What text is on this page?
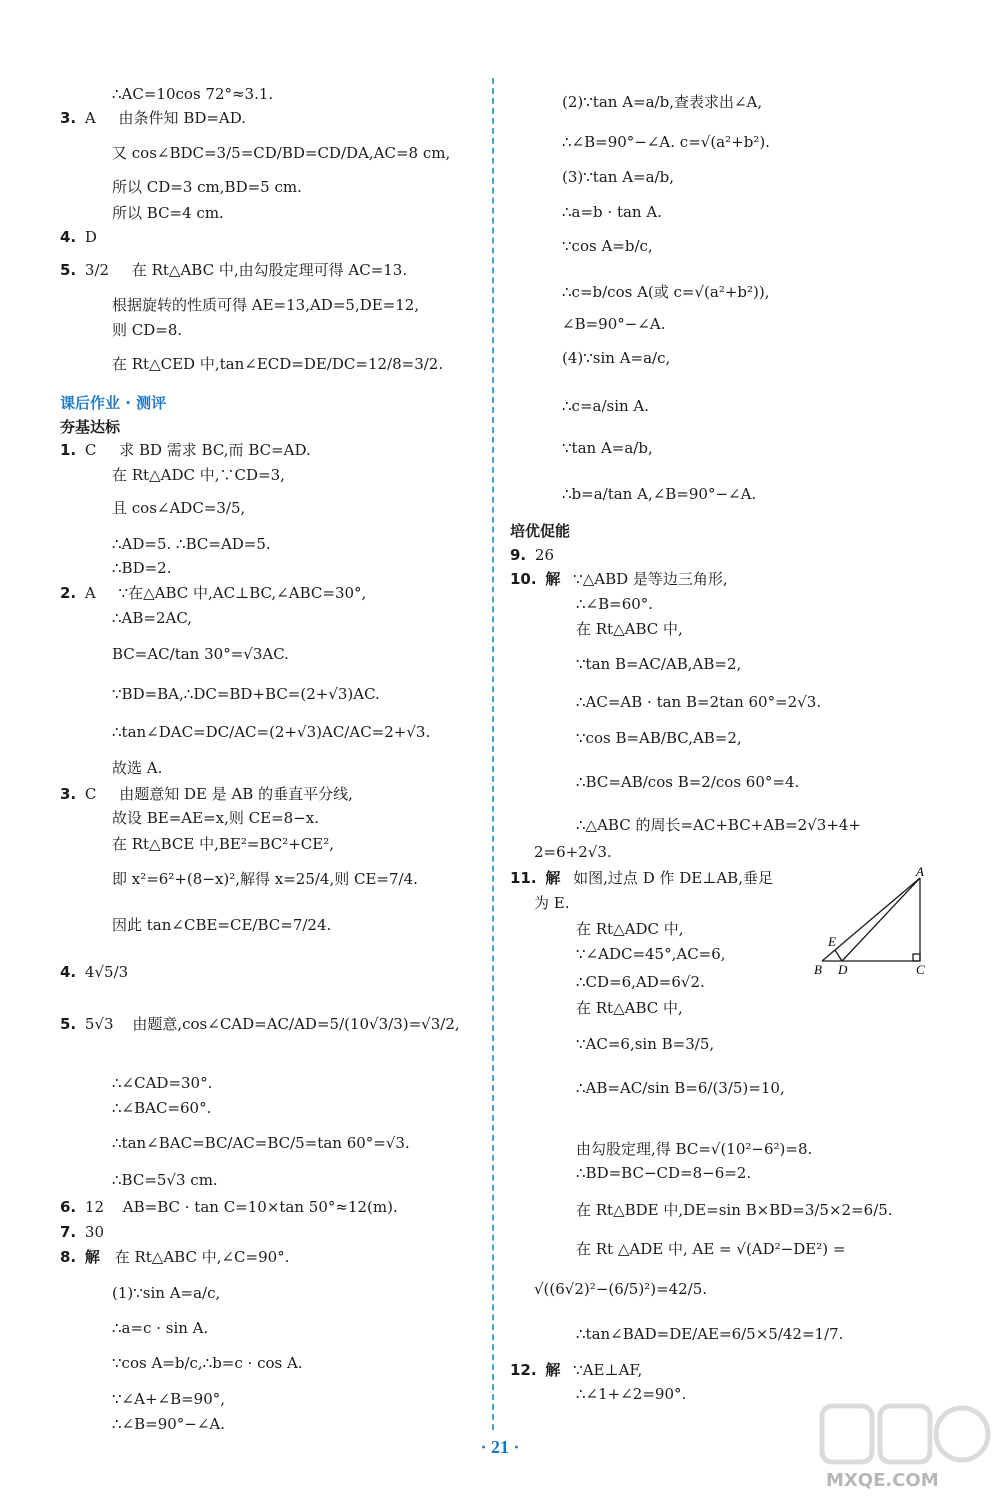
∴AC=10cos 72°≈3.1.
3. A 由条件知 BD=AD.
又 cos∠BDC=3/5=CD/BD=CD/DA,AC=8 cm,
所以 CD=3 cm,BD=5 cm.
所以 BC=4 cm.
4. D
5. 3/2 在 Rt△ABC 中,由勾股定理可得 AC=13.
根据旋转的性质可得 AE=13,AD=5,DE=12,
则 CD=8.
在 Rt△CED 中,tan∠ECD=DE/DC=12/8=3/2.
课后作业 · 测评
夯基达标
1. C 求 BD 需求 BC,而 BC=AD.
在 Rt△ADC 中,∵CD=3,
且 cos∠ADC=3/5,
∴AD=5. ∴BC=AD=5.
∴BD=2.
2. A ∵在△ABC 中,AC⊥BC,∠ABC=30°,
∴AB=2AC,
BC=AC/tan 30°=√3AC.
∵BD=BA,∴DC=BD+BC=(2+√3)AC.
∴tan∠DAC=DC/AC=(2+√3)AC/AC=2+√3.
故选 A.
3. C 由题意知 DE 是 AB 的垂直平分线,
故设 BE=AE=x,则 CE=8−x.
在 Rt△BCE 中,BE²=BC²+CE²,
即 x²=6²+(8−x)²,解得 x=25/4,则 CE=7/4.
因此 tan∠CBE=CE/BC=7/24.
4. 4√5/3
5. 5√3 由题意,cos∠CAD=AC/AD=5/(10√3/3)=√3/2,
∴∠CAD=30°.
∴∠BAC=60°.
∴tan∠BAC=BC/AC=BC/5=tan 60°=√3.
∴BC=5√3 cm.
6. 12 AB=BC · tan C=10×tan 50°≈12(m).
7. 30
8. 解 在 Rt△ABC 中,∠C=90°.
(1)∵sin A=a/c,
∴a=c · sin A.
∵cos A=b/c,∴b=c · cos A.
∵∠A+∠B=90°,
∴∠B=90°−∠A.
(2)∵tan A=a/b,查表求出∠A,
∴∠B=90°−∠A. c=√(a²+b²).
(3)∵tan A=a/b,
∴a=b · tan A.
∵cos A=b/c,
∴c=b/cos A(或 c=√(a²+b²)),
∠B=90°−∠A.
(4)∵sin A=a/c,
∴c=a/sin A.
∵tan A=a/b,
∴b=a/tan A,∠B=90°−∠A.
培优促能
9. 26
10. 解 ∵△ABD 是等边三角形,
∴∠B=60°.
在 Rt△ABC 中,
∵tan B=AC/AB,AB=2,
∴AC=AB · tan B=2tan 60°=2√3.
∵cos B=AB/BC,AB=2,
∴BC=AB/cos B=2/cos 60°=4.
∴△ABC 的周长=AC+BC+AB=2√3+4+
2=6+2√3.
11. 解 如图,过点 D 作 DE⊥AB,垂足
为 E.
在 Rt△ADC 中,
∵∠ADC=45°,AC=6,
∴CD=6,AD=6√2.
在 Rt△ABC 中,
∵AC=6,sin B=3/5,
∴AB=AC/sin B=6/(3/5)=10,
由勾股定理,得 BC=√(10²−6²)=8.
∴BD=BC−CD=8−6=2.
在 Rt△BDE 中,DE=sin B×BD=3/5×2=6/5.
在 Rt △ADE 中, AE = √(AD²−DE²) =
√((6√2)²−(6/5)²)=42/5.
∴tan∠BAD=DE/AE=6/5×5/42=1/7.
12. 解 ∵AE⊥AF,
∴∠1+∠2=90°.
A
B	C
D
E
· 21 ·
MXQE.COM
